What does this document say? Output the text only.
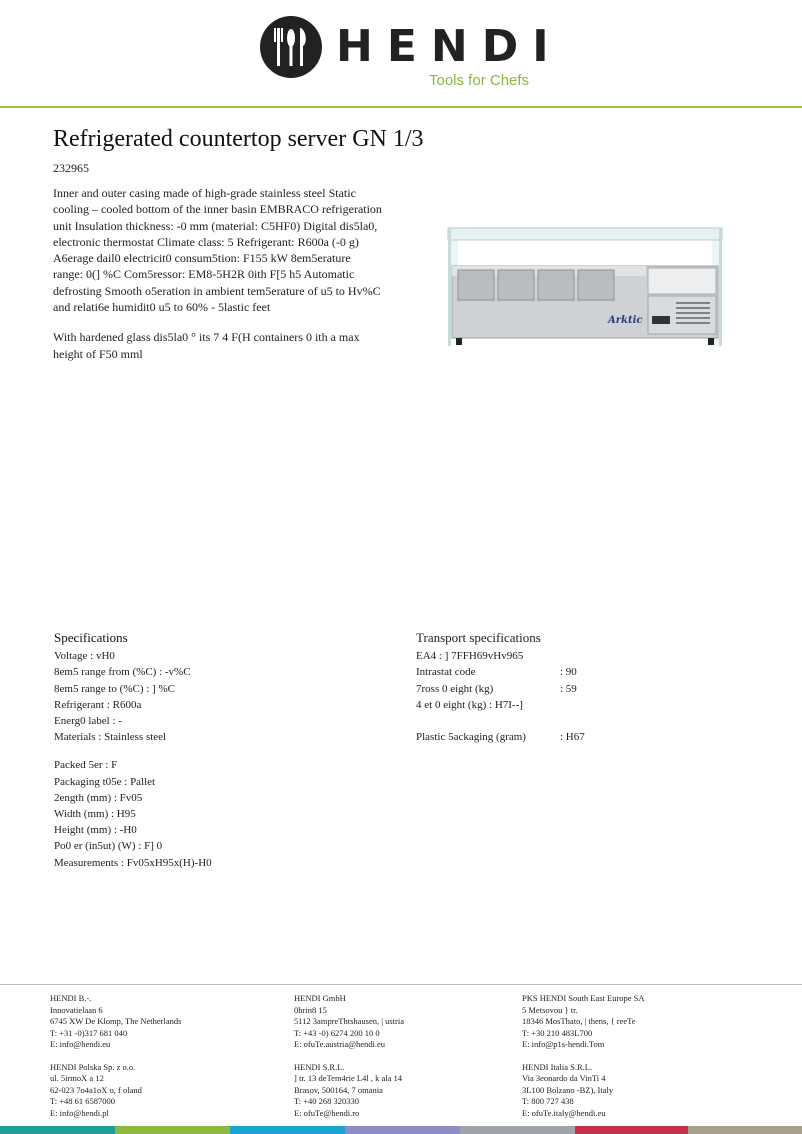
HENDI
Tools for Chefs
Refrigerated countertop server GN 1/3
232965

Inner and outer casing made of high-grade stainless steel Static cooling – cooled bottom of the inner basin EMBRACO refrigeration unit Insulation thickness: -0 mm (material: C5HF0) Digital dis5la0, electronic thermostat Climate class: 5 Refrigerant: R600a (-0 g) A6erage dail0 electricit0 consum5tion: F155 kW 8em5erature range: 0(] %C Com5ressor: EM8-5H2R 0ith F[5 h5 Automatic defrosting Smooth o5eration in ambient tem5erature of u5 to Hv%C and relati6e humidit0 u5 to 60% - 5lastic feet

With hardened glass dis5la0 ° its 7 4 F(H containers 0 ith a max height of F50 mml

Arktic
Specifications
Voltage : vH0
8em5 range from (%C) : -v%C
8em5 range to (%C) : ] %C
Refrigerant : R600a
Energ0 label : -
Materials : Stainless steel
Packed 5er : F
Packaging t05e : Pallet
2ength (mm) : Fv05
Width (mm) : H95
Height (mm) : -H0
Po0 er (in5ut) (W) : F] 0
Measurements : Fv05xH95x(H)-H0
Transport specifications
EA4 : ] 7FFH69vHv965
Intrastat code	: 90
7ross 0 eight (kg)	: 59
4 et 0 eight (kg) : H7I--]
Plastic 5ackaging (gram)	: H67
HENDI B.-.
Innovatielaan 6
6745 XW De Klomp, The Netherlands
T: +31 -0)317 681 040
E: info@hendi.eu
HENDI Polska Sp. z o.o.
ul. 5irmoX a 12
62-023 7o4a1oX o, f oland
T: +48 61 6587000
E: info@hendi.pl
HENDI GmbH
0hrin8 15
5112 3ampreThtshausen, | ustria
T: +43 -0) 6274 200 10 0
E: ofuTe.austria@hendi.eu
HENDI S.R.L.
] tr. 13 deTem4rie L4l , k ala 14
Brasov, 500164, 7 omania
T: +40 268 320330
E: ofuTe@hendi.ro
PKS HENDI South East Europe SA
5 Metsovou } tr.
18346 MosThato, | thens, { reeTe
T: +30 210 483L700
E: info@p1s-hendi.Tom
HENDI Italia S.R.L.
Via 3eonardo da VinTi 4
3L100 Bolzano -BZ), Italy
T: 800 727 438
E: ofuTe.italy@hendi.eu
